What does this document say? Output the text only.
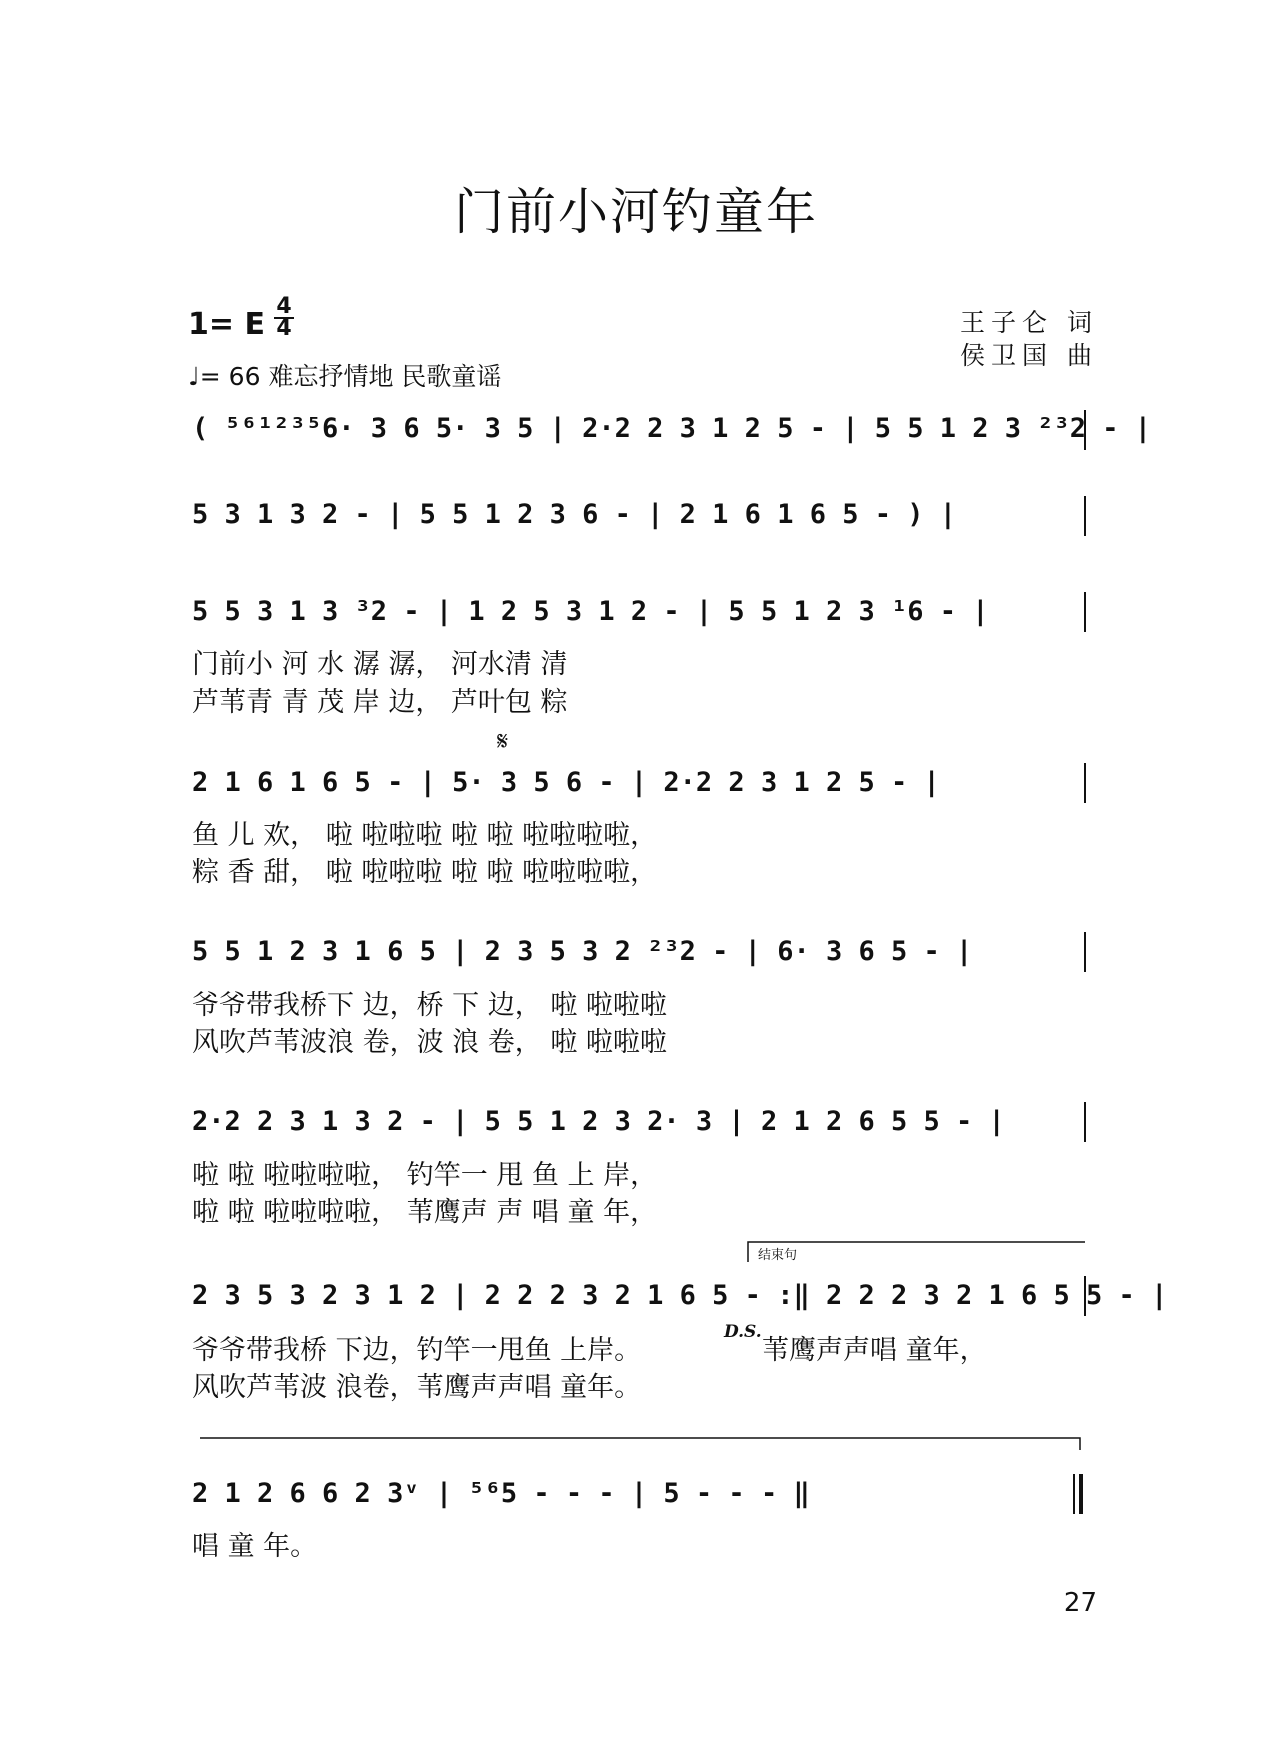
门前小河钓童年
1= E
4
4
♩= 66 难忘抒情地 民歌童谣
王子仑 词
侯卫国 曲
( ⁵⁶¹²³⁵6· 3 6 5· 3 5 | 2·2 2 3 1 2 5 - | 5 5 1 2 3 ²³2 - |
5 3 1 3 2 - | 5 5 1 2 3 6 - | 2 1 6 1 6 5 - ) |
5 5 3 1 3 ³2 - | 1 2 5 3 1 2 - | 5 5 1 2 3 ¹6 - |
门前小 河 水 潺 潺， 河水清 清
芦苇青 青 茂 岸 边， 芦叶包 粽
𝄋
2 1 6 1 6 5 - | 5· 3 5 6 - | 2·2 2 3 1 2 5 - |
鱼 儿 欢， 啦 啦啦啦 啦 啦 啦啦啦啦，
粽 香 甜， 啦 啦啦啦 啦 啦 啦啦啦啦，
5 5 1 2 3 1 6 5 | 2 3 5 3 2 ²³2 - | 6· 3 6 5 - |
爷爷带我桥下 边，桥 下 边， 啦 啦啦啦
风吹芦苇波浪 卷，波 浪 卷， 啦 啦啦啦
2·2 2 3 1 3 2 - | 5 5 1 2 3 2· 3 | 2 1 2 6 5 5 - |
啦 啦 啦啦啦啦， 钓竿一 甩 鱼 上 岸，
啦 啦 啦啦啦啦， 苇鹰声 声 唱 童 年，
结束句
2 3 5 3 2 3 1 2 | 2 2 2 3 2 1 6 5 - :‖ 2 2 2 3 2 1 6 5 5 - |
爷爷带我桥 下边，钓竿一甩鱼 上岸。
D.S.
苇鹰声声唱 童年，
风吹芦苇波 浪卷，苇鹰声声唱 童年。
2 1 2 6 6 2 3ᵛ | ⁵⁶5 - - - | 5 - - - ‖
唱 童 年。
27
